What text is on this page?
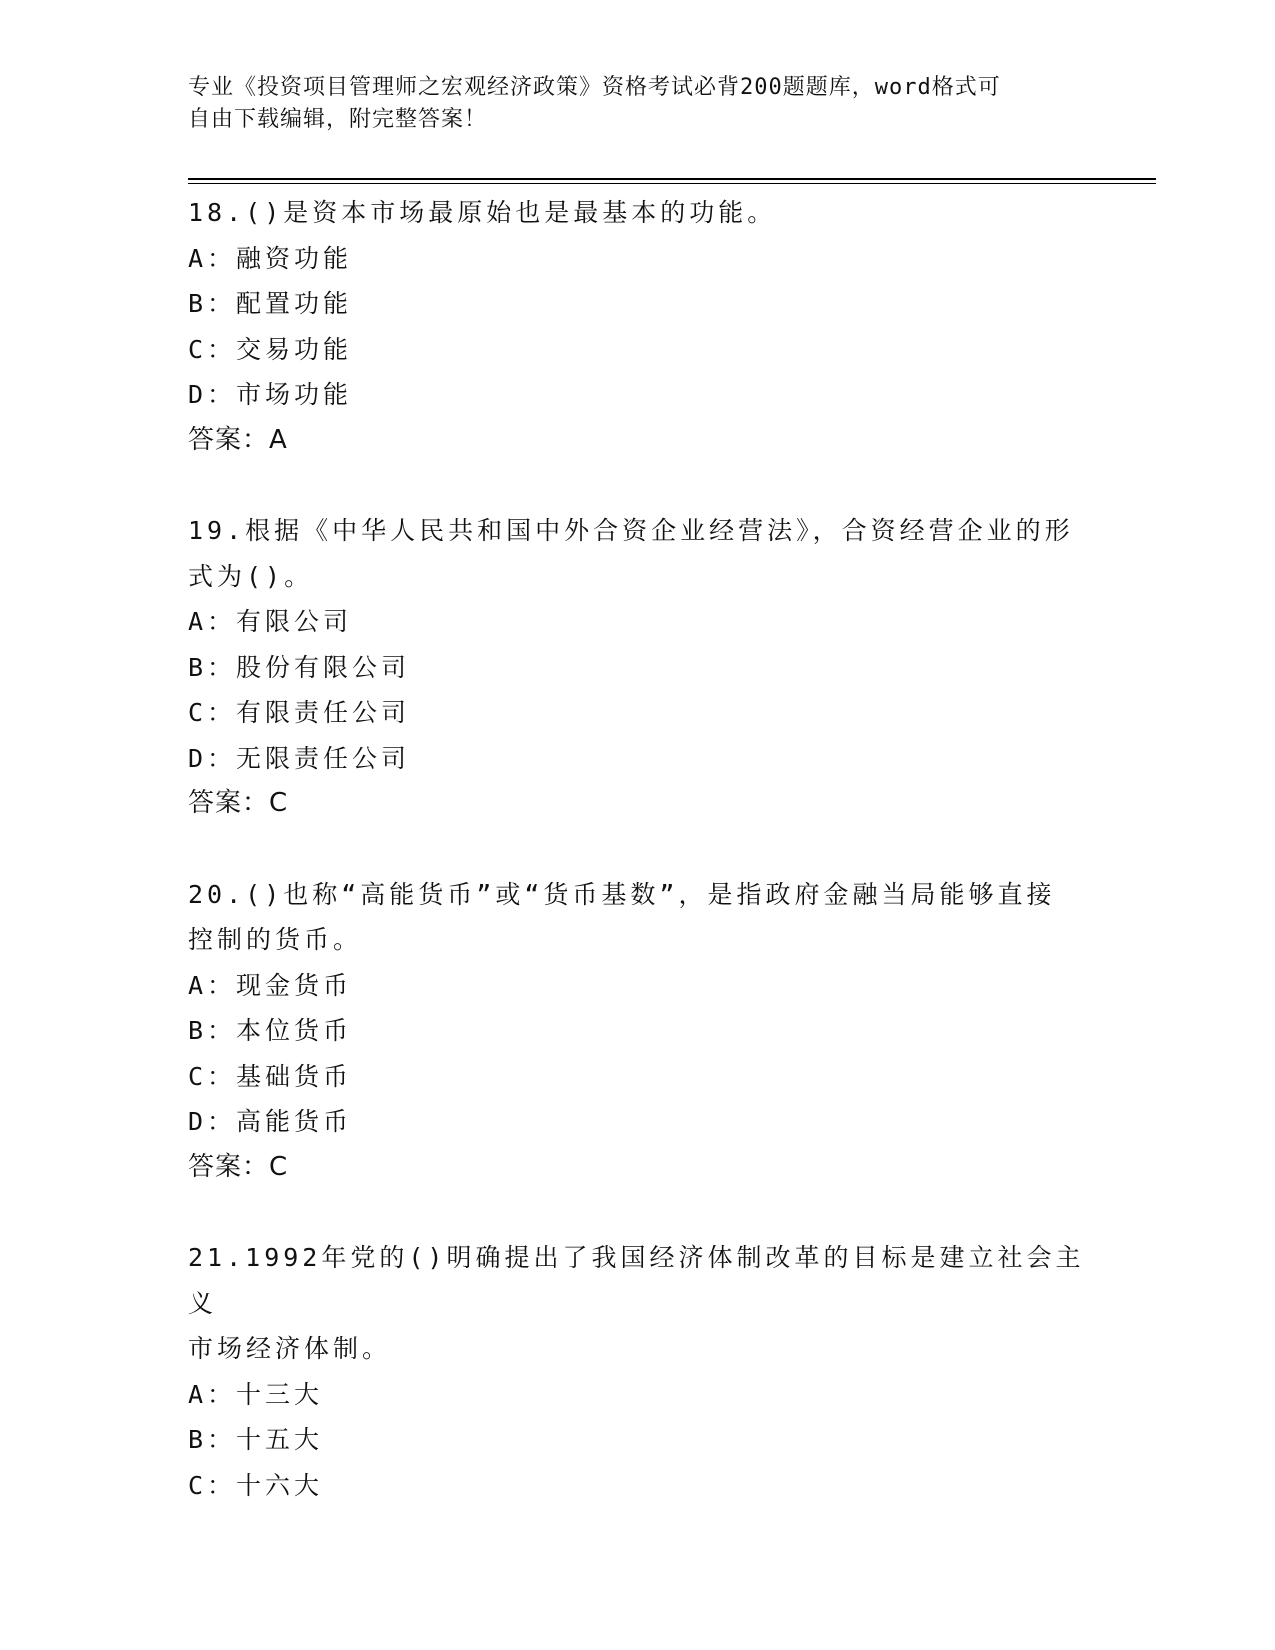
专业《投资项目管理师之宏观经济政策》资格考试必背200题题库，word格式可
自由下载编辑，附完整答案！
18.()是资本市场最原始也是最基本的功能。
A：融资功能
B：配置功能
C：交易功能
D：市场功能
答案：A
19.根据《中华人民共和国中外合资企业经营法》，合资经营企业的形
式为()。
A：有限公司
B：股份有限公司
C：有限责任公司
D：无限责任公司
答案：C
20.()也称“高能货币”或“货币基数”，是指政府金融当局能够直接
控制的货币。
A：现金货币
B：本位货币
C：基础货币
D：高能货币
答案：C
21.1992年党的()明确提出了我国经济体制改革的目标是建立社会主义
市场经济体制。
A：十三大
B：十五大
C：十六大
